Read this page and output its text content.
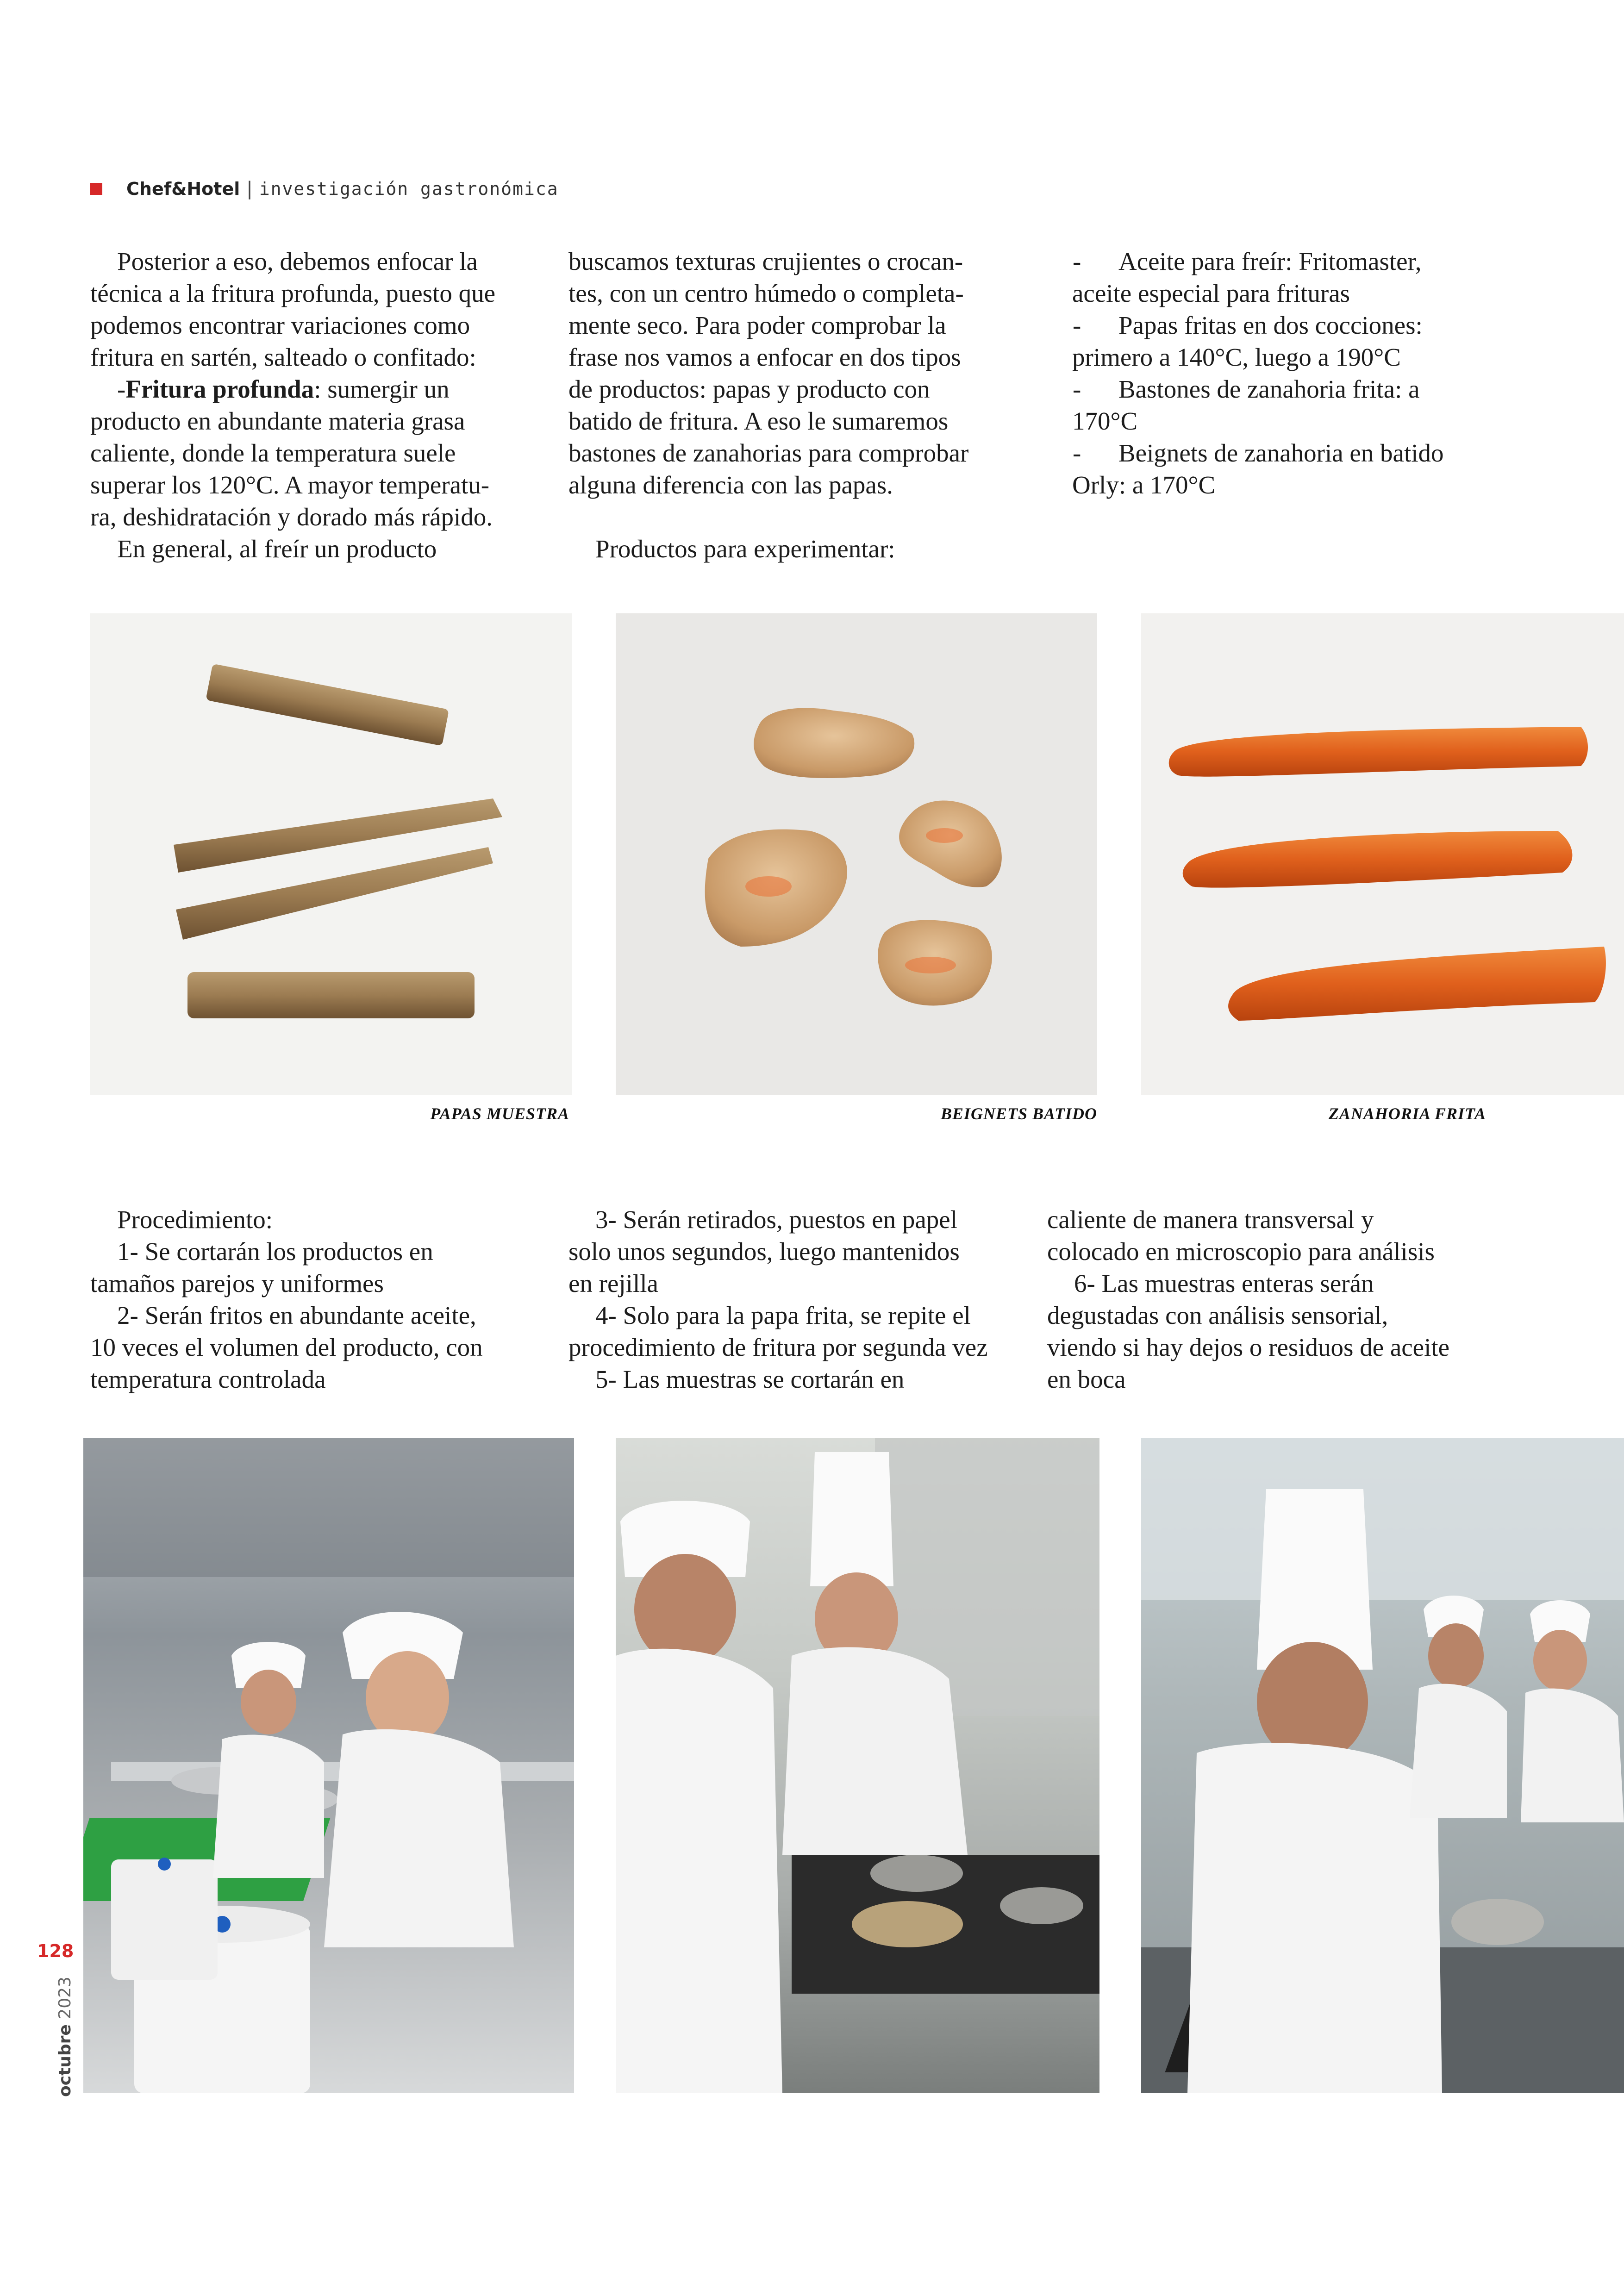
Chef&Hotel | investigación gastronómica

Posterior a eso, debemos enfocar la

técnica a la fritura profunda, puesto que

podemos encontrar variaciones como

fritura en sartén, salteado o confitado:

-Fritura profunda: sumergir un

producto en abundante materia grasa

caliente, donde la temperatura suele

superar los 120°C. A mayor temperatu-

ra, deshidratación y dorado más rápido.

En general, al freír un producto

buscamos texturas crujientes o crocan-

tes, con un centro húmedo o completa-

mente seco. Para poder comprobar la

frase nos vamos a enfocar en dos tipos

de productos: papas y producto con

batido de fritura. A eso le sumaremos

bastones de zanahorias para comprobar

alguna diferencia con las papas.

Productos para experimentar:

- Aceite para freír: Fritomaster,

aceite especial para frituras
- Papas fritas en dos cocciones:

primero a 140°C, luego a 190°C
- Bastones de zanahoria frita: a

170°C
- Beignets de zanahoria en batido

Orly: a 170°C
PAPAS MUESTRA	BEIGNETS BATIDO	ZANAHORIA FRITA

Procedimiento:

1- Se cortarán los productos en

tamaños parejos y uniformes

2- Serán fritos en abundante aceite,

10 veces el volumen del producto, con

temperatura controlada

3- Serán retirados, puestos en papel

solo unos segundos, luego mantenidos

en rejilla

4- Solo para la papa frita, se repite el

procedimiento de fritura por segunda vez

5- Las muestras se cortarán en

caliente de manera transversal y

colocado en microscopio para análisis

6- Las muestras enteras serán

degustadas con análisis sensorial,

viendo si hay dejos o residuos de aceite

en boca

128
octubre 2023
